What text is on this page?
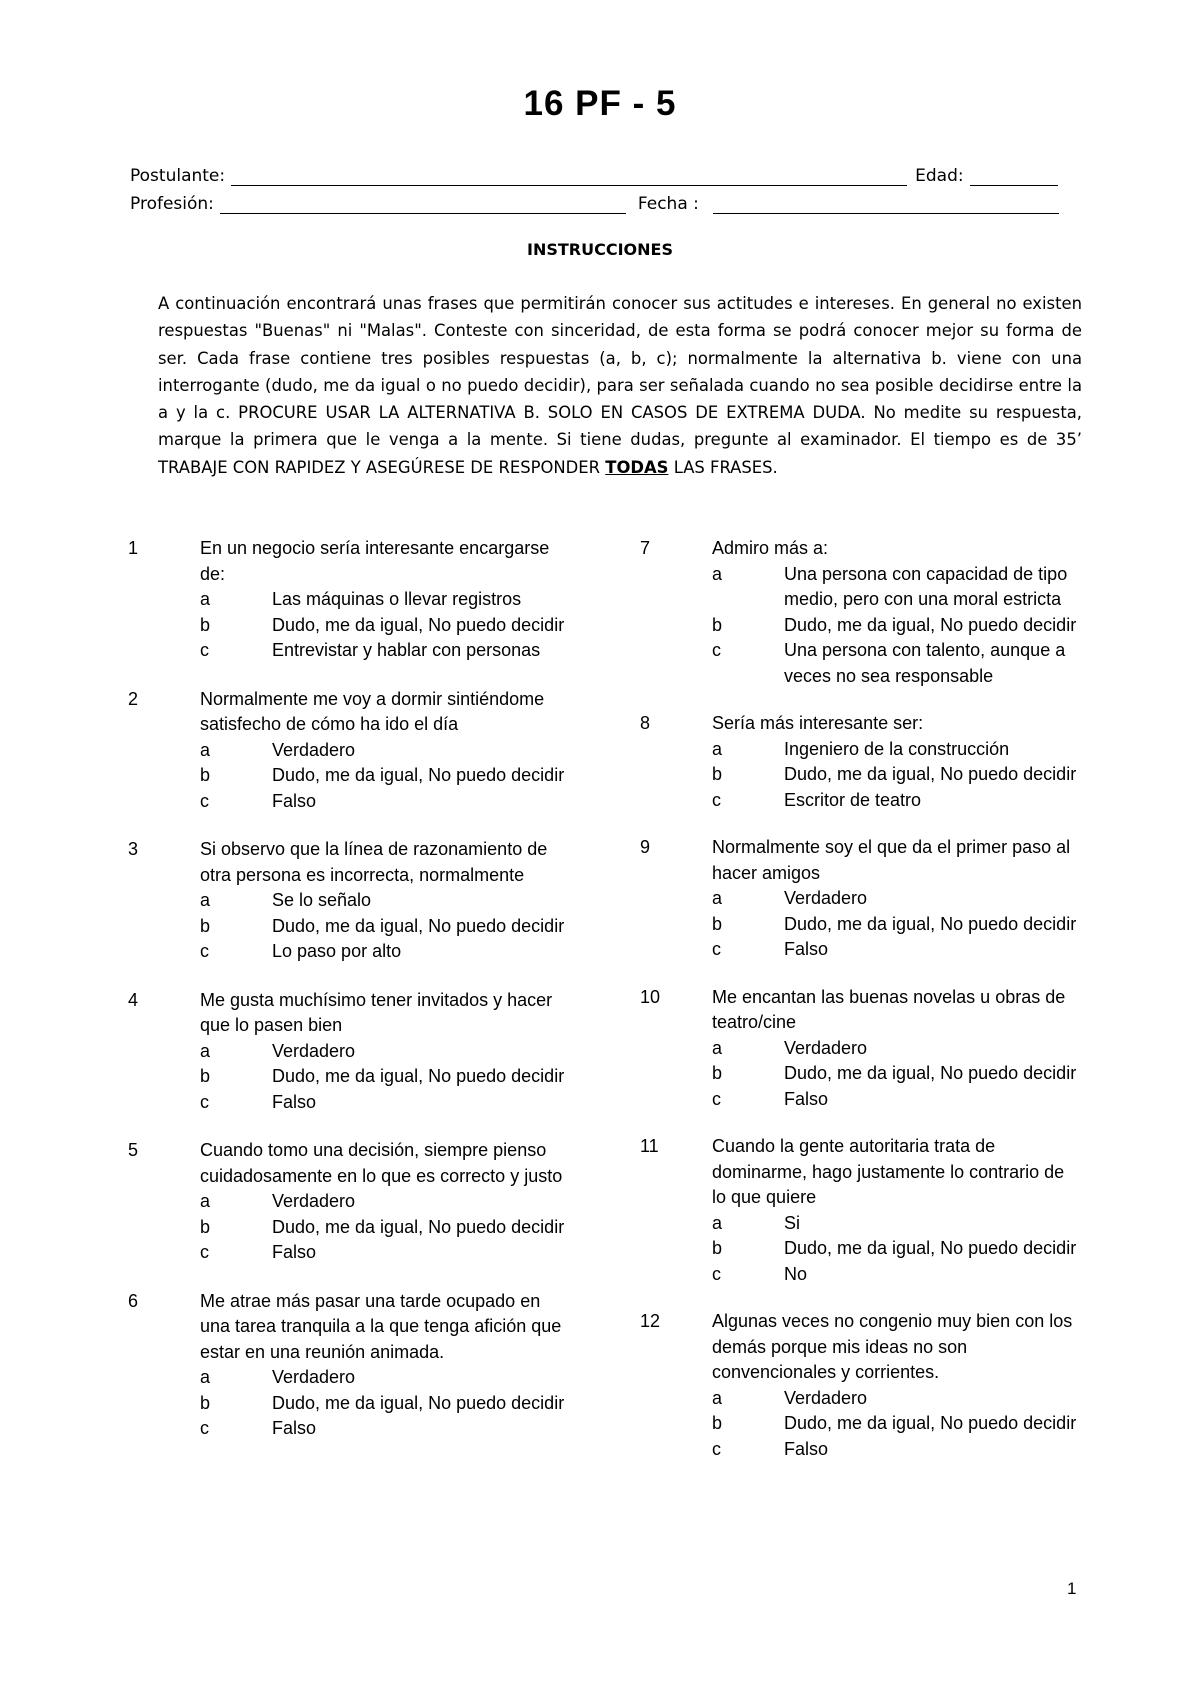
16 PF - 5
Postulante:	Edad:
Profesión:	Fecha :
INSTRUCCIONES
A continuación encontrará unas frases que permitirán conocer sus actitudes e intereses. En general no existen respuestas "Buenas" ni "Malas". Conteste con sinceridad, de esta forma se podrá conocer mejor su forma de ser. Cada frase contiene tres posibles respuestas (a, b, c); normalmente la alternativa b. viene con una interrogante (dudo, me da igual o no puedo decidir), para ser señalada cuando no sea posible decidirse entre la a y la c. PROCURE USAR LA ALTERNATIVA B. SOLO EN CASOS DE EXTREMA DUDA. No medite su respuesta, marque la primera que le venga a la mente. Si tiene dudas, pregunte al examinador. El tiempo es de 35’ TRABAJE CON RAPIDEZ Y ASEGÚRESE DE RESPONDER TODAS LAS FRASES.
1	En un negocio sería interesante encargarse de:
a	Las máquinas o llevar registros
b	Dudo, me da igual, No puedo decidir
c	Entrevistar y hablar con personas
2	Normalmente me voy a dormir sintiéndome satisfecho de cómo ha ido el día
a	Verdadero
b	Dudo, me da igual, No puedo decidir
c	Falso
3	Si observo que la línea de razonamiento de otra persona es incorrecta, normalmente
a	Se lo señalo
b	Dudo, me da igual, No puedo decidir
c	Lo paso por alto
4	Me gusta muchísimo tener invitados y hacer que lo pasen bien
a	Verdadero
b	Dudo, me da igual, No puedo decidir
c	Falso
5	Cuando tomo una decisión, siempre pienso cuidadosamente en lo que es correcto y justo
a	Verdadero
b	Dudo, me da igual, No puedo decidir
c	Falso
6	Me atrae más pasar una tarde ocupado en una tarea tranquila a la que tenga afición que estar en una reunión animada.
a	Verdadero
b	Dudo, me da igual, No puedo decidir
c	Falso
7	Admiro más a:
a	Una persona con capacidad de tipo medio, pero con una moral estricta
b	Dudo, me da igual, No puedo decidir
c	Una persona con talento, aunque a veces no sea responsable
8	Sería más interesante ser:
a	Ingeniero de la construcción
b	Dudo, me da igual, No puedo decidir
c	Escritor de teatro
9	Normalmente soy el que da el primer paso al hacer amigos
a	Verdadero
b	Dudo, me da igual, No puedo decidir
c	Falso
10	Me encantan las buenas novelas u obras de teatro/cine
a	Verdadero
b	Dudo, me da igual, No puedo decidir
c	Falso
11	Cuando la gente autoritaria trata de dominarme, hago justamente lo contrario de lo que quiere
a	Si
b	Dudo, me da igual, No puedo decidir
c	No
12	Algunas veces no congenio muy bien con los demás porque mis ideas no son convencionales y corrientes.
a	Verdadero
b	Dudo, me da igual, No puedo decidir
c	Falso
1
